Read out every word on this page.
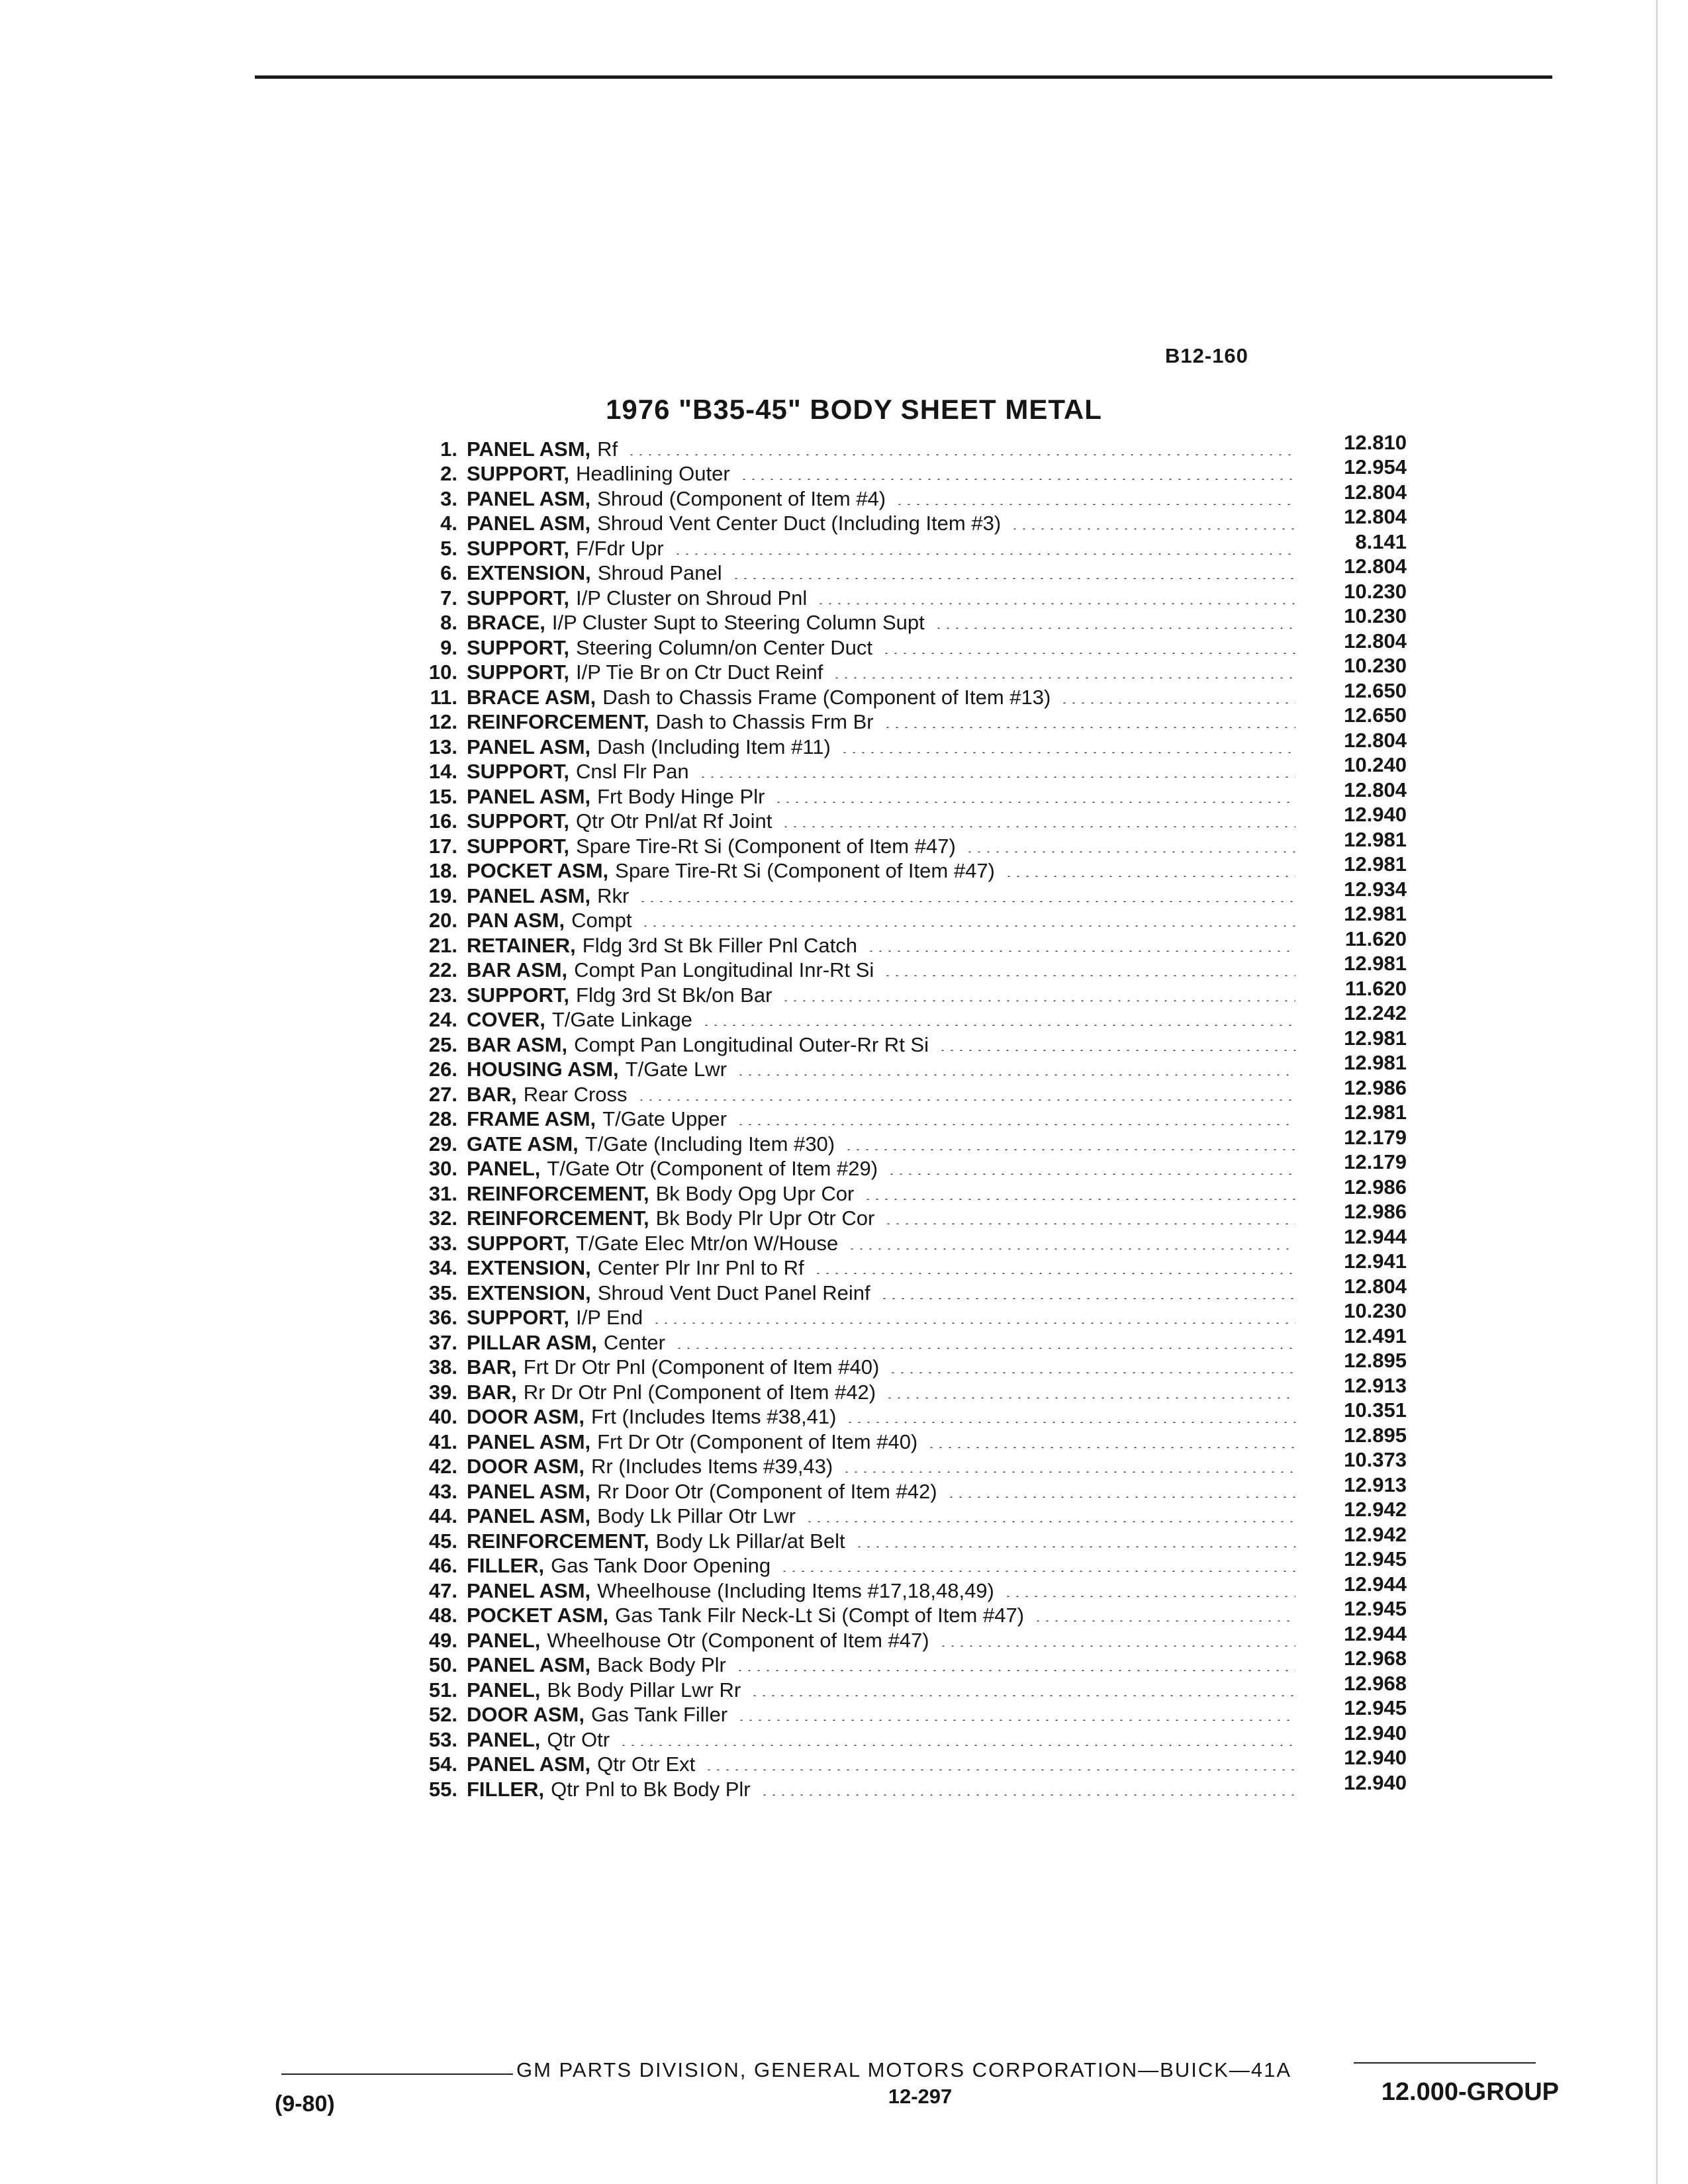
B12-160
1976 "B35-45" BODY SHEET METAL
1. PANEL ASM, Rf	12.810
2. SUPPORT, Headlining Outer	12.954
3. PANEL ASM, Shroud (Component of Item #4)	12.804
4. PANEL ASM, Shroud Vent Center Duct (Including Item #3)	12.804
5. SUPPORT, F/Fdr Upr	8.141
6. EXTENSION, Shroud Panel	12.804
7. SUPPORT, I/P Cluster on Shroud Pnl	10.230
8. BRACE, I/P Cluster Supt to Steering Column Supt	10.230
9. SUPPORT, Steering Column/on Center Duct	12.804
10. SUPPORT, I/P Tie Br on Ctr Duct Reinf	10.230
11. BRACE ASM, Dash to Chassis Frame (Component of Item #13)	12.650
12. REINFORCEMENT, Dash to Chassis Frm Br	12.650
13. PANEL ASM, Dash (Including Item #11)	12.804
14. SUPPORT, Cnsl Flr Pan	10.240
15. PANEL ASM, Frt Body Hinge Plr	12.804
16. SUPPORT, Qtr Otr Pnl/at Rf Joint	12.940
17. SUPPORT, Spare Tire-Rt Si (Component of Item #47)	12.981
18. POCKET ASM, Spare Tire-Rt Si (Component of Item #47)	12.981
19. PANEL ASM, Rkr	12.934
20. PAN ASM, Compt	12.981
21. RETAINER, Fldg 3rd St Bk Filler Pnl Catch	11.620
22. BAR ASM, Compt Pan Longitudinal Inr-Rt Si	12.981
23. SUPPORT, Fldg 3rd St Bk/on Bar	11.620
24. COVER, T/Gate Linkage	12.242
25. BAR ASM, Compt Pan Longitudinal Outer-Rr Rt Si	12.981
26. HOUSING ASM, T/Gate Lwr	12.981
27. BAR, Rear Cross	12.986
28. FRAME ASM, T/Gate Upper	12.981
29. GATE ASM, T/Gate (Including Item #30)	12.179
30. PANEL, T/Gate Otr (Component of Item #29)	12.179
31. REINFORCEMENT, Bk Body Opg Upr Cor	12.986
32. REINFORCEMENT, Bk Body Plr Upr Otr Cor	12.986
33. SUPPORT, T/Gate Elec Mtr/on W/House	12.944
34. EXTENSION, Center Plr Inr Pnl to Rf	12.941
35. EXTENSION, Shroud Vent Duct Panel Reinf	12.804
36. SUPPORT, I/P End	10.230
37. PILLAR ASM, Center	12.491
38. BAR, Frt Dr Otr Pnl (Component of Item #40)	12.895
39. BAR, Rr Dr Otr Pnl (Component of Item #42)	12.913
40. DOOR ASM, Frt (Includes Items #38,41)	10.351
41. PANEL ASM, Frt Dr Otr (Component of Item #40)	12.895
42. DOOR ASM, Rr (Includes Items #39,43)	10.373
43. PANEL ASM, Rr Door Otr (Component of Item #42)	12.913
44. PANEL ASM, Body Lk Pillar Otr Lwr	12.942
45. REINFORCEMENT, Body Lk Pillar/at Belt	12.942
46. FILLER, Gas Tank Door Opening	12.945
47. PANEL ASM, Wheelhouse (Including Items #17,18,48,49)	12.944
48. POCKET ASM, Gas Tank Filr Neck-Lt Si (Compt of Item #47)	12.945
49. PANEL, Wheelhouse Otr (Component of Item #47)	12.944
50. PANEL ASM, Back Body Plr	12.968
51. PANEL, Bk Body Pillar Lwr Rr	12.968
52. DOOR ASM, Gas Tank Filler	12.945
53. PANEL, Qtr Otr	12.940
54. PANEL ASM, Qtr Otr Ext	12.940
55. FILLER, Qtr Pnl to Bk Body Plr	12.940
GM PARTS DIVISION, GENERAL MOTORS CORPORATION—BUICK—41A
12-297
(9-80)	12.000-GROUP
